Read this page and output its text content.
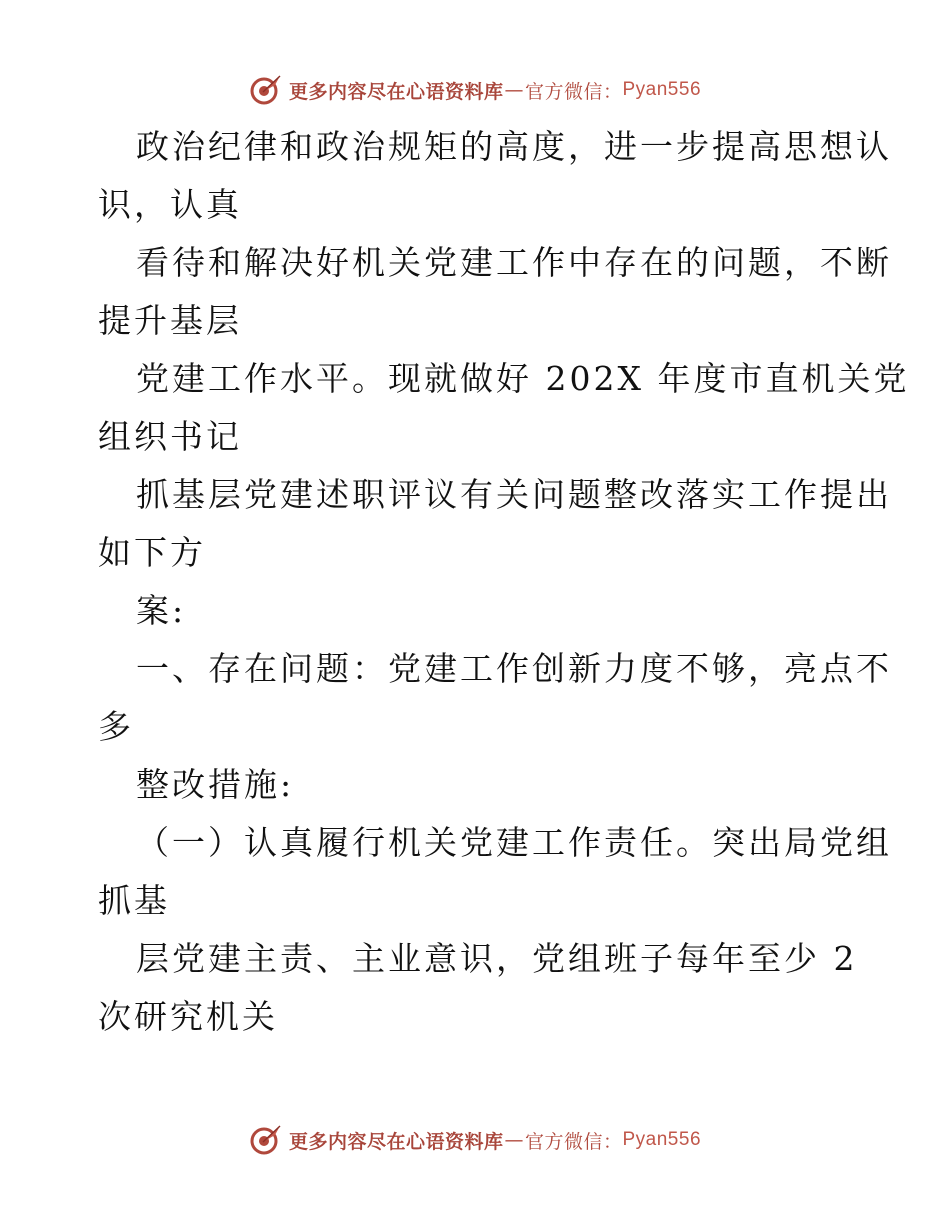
更多内容尽在心语资料库 — 官方微信： Pyan556
政治纪律和政治规矩的高度，进一步提高思想认
识，认真
看待和解决好机关党建工作中存在的问题，不断
提升基层
党建工作水平。现就做好 202X 年度市直机关党
组织书记
抓基层党建述职评议有关问题整改落实工作提出
如下方
案:
一、存在问题：党建工作创新力度不够，亮点不
多
整改措施:
（一）认真履行机关党建工作责任。突出局党组
抓基
层党建主责、主业意识，党组班子每年至少 2
次研究机关
更多内容尽在心语资料库 — 官方微信： Pyan556
